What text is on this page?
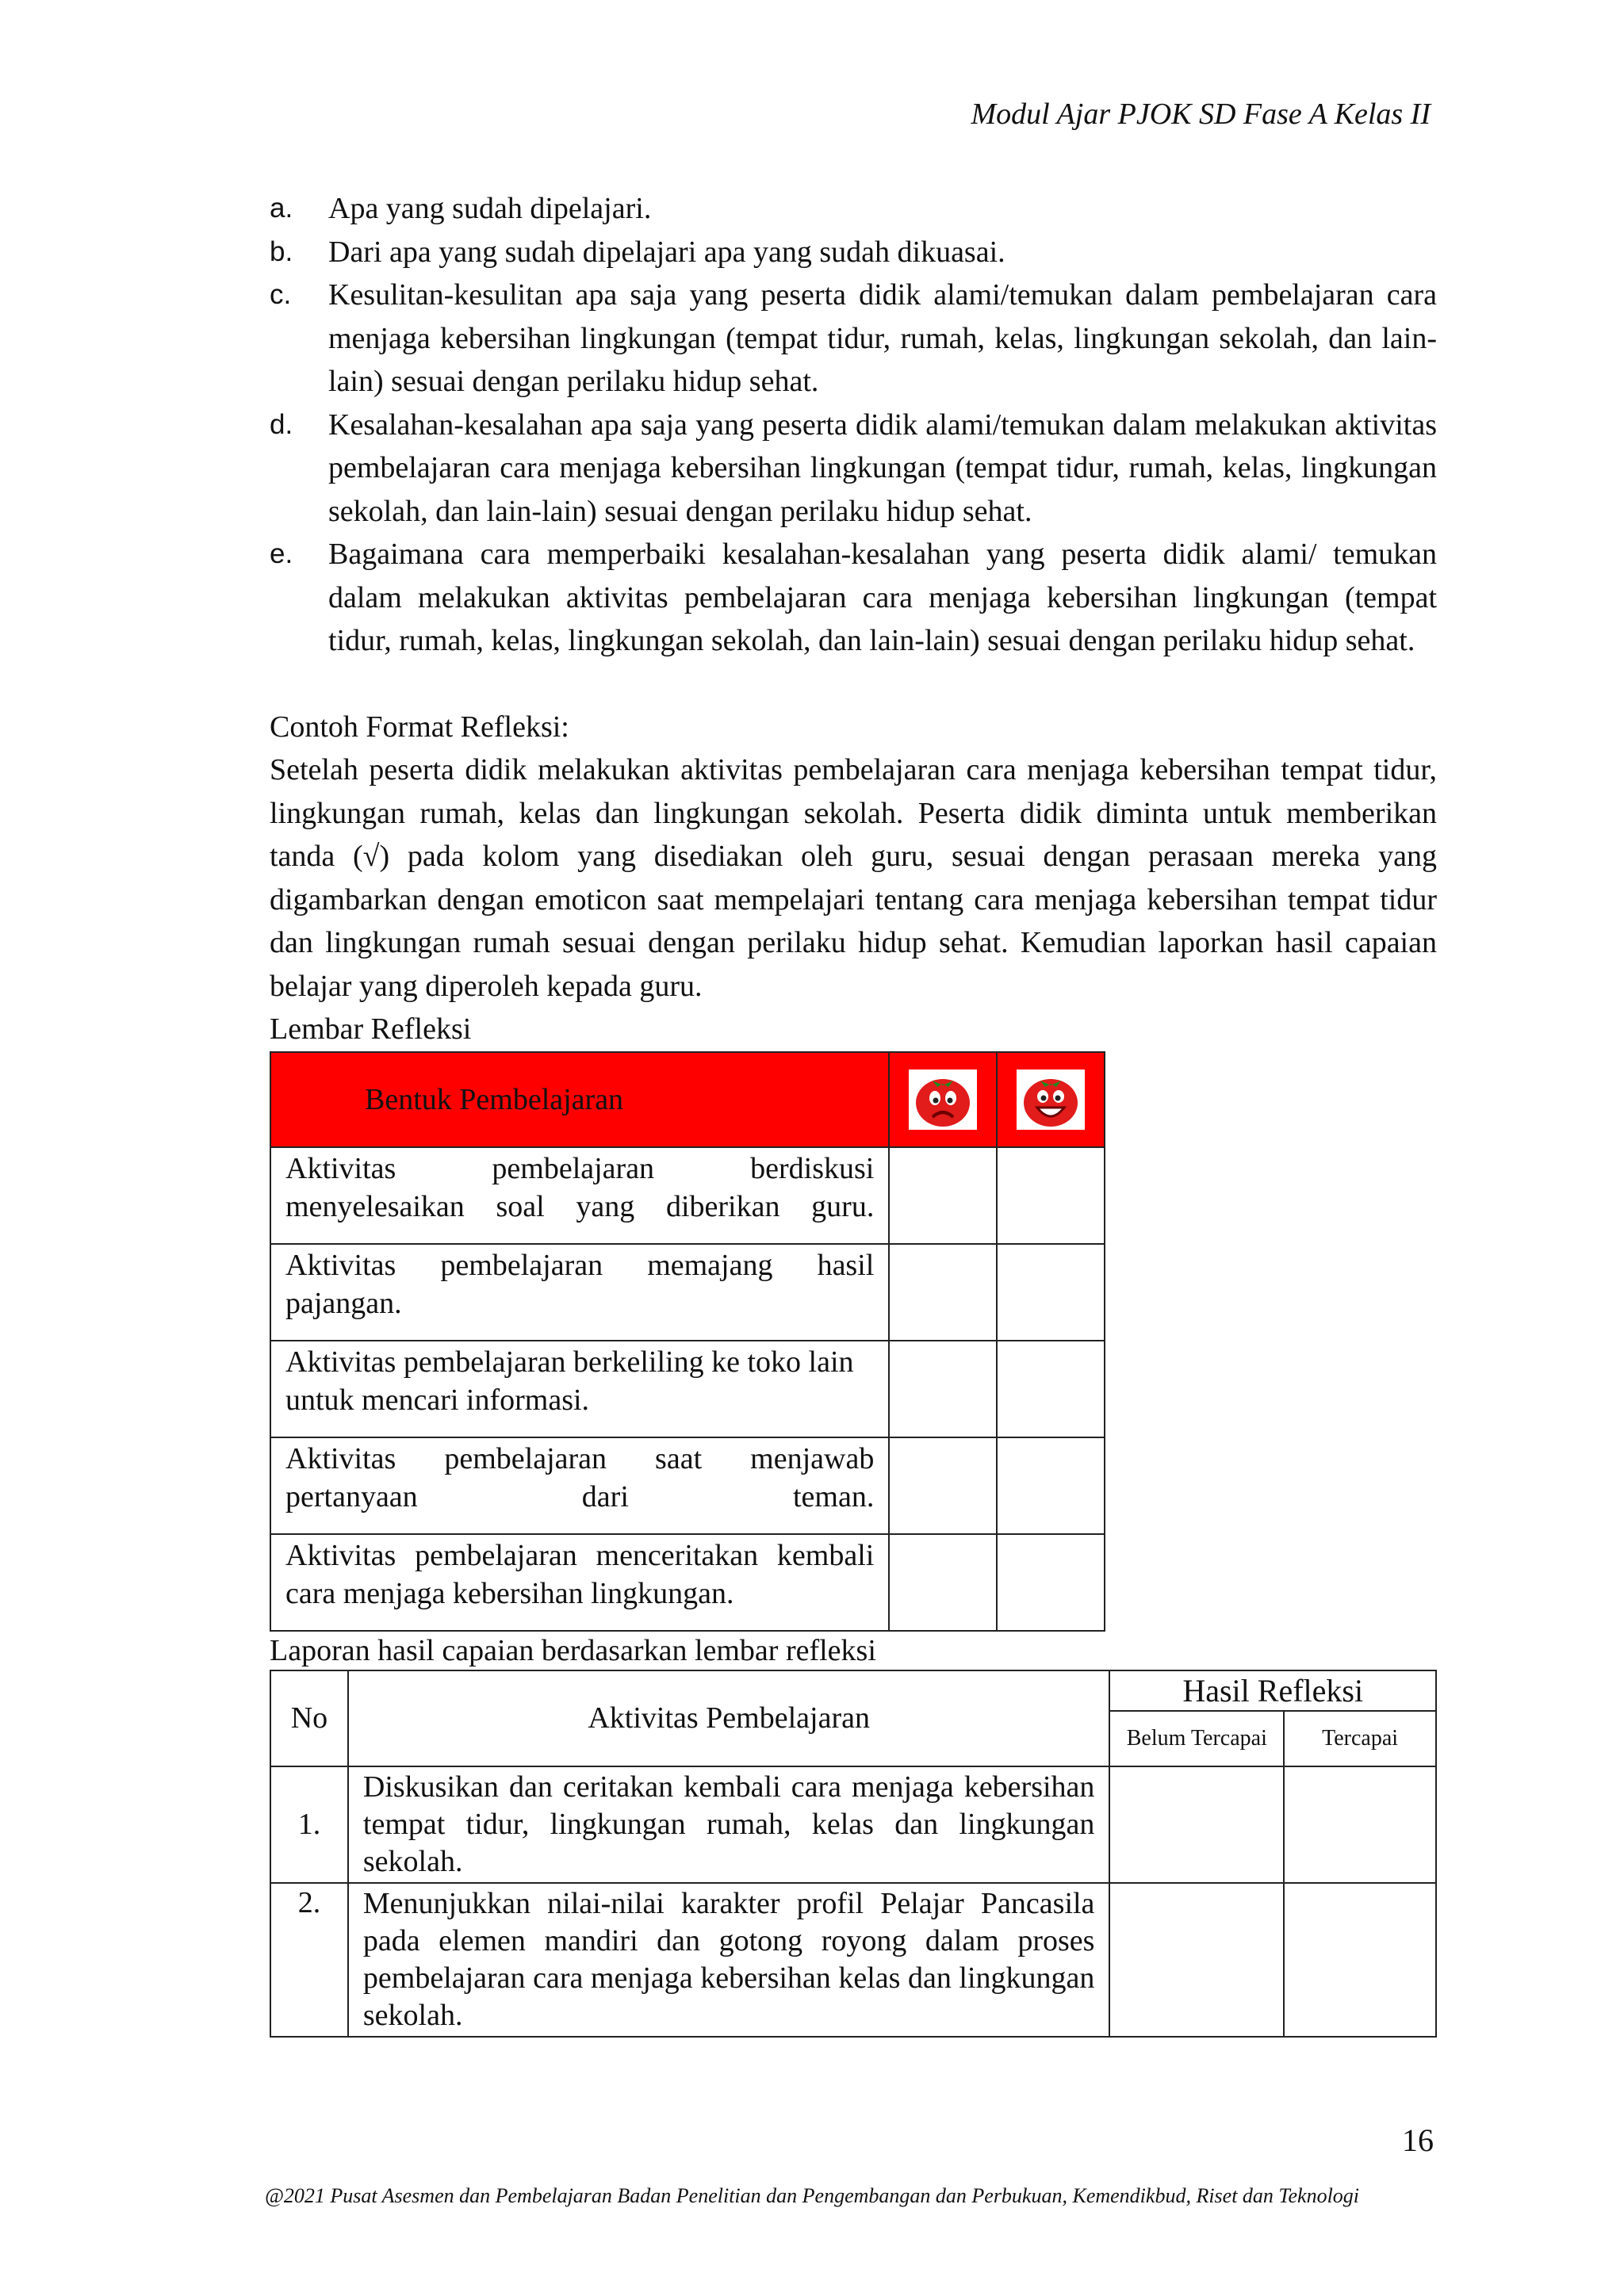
Modul Ajar PJOK SD Fase A Kelas II
a. Apa yang sudah dipelajari.
b. Dari apa yang sudah dipelajari apa yang sudah dikuasai.
c. Kesulitan-kesulitan apa saja yang peserta didik alami/temukan dalam pembelajaran cara menjaga kebersihan lingkungan (tempat tidur, rumah, kelas, lingkungan sekolah, dan lain-lain) sesuai dengan perilaku hidup sehat.
d. Kesalahan-kesalahan apa saja yang peserta didik alami/temukan dalam melakukan aktivitas pembelajaran cara menjaga kebersihan lingkungan (tempat tidur, rumah, kelas, lingkungan sekolah, dan lain-lain) sesuai dengan perilaku hidup sehat.
e. Bagaimana cara memperbaiki kesalahan-kesalahan yang peserta didik alami/ temukan dalam melakukan aktivitas pembelajaran cara menjaga kebersihan lingkungan (tempat tidur, rumah, kelas, lingkungan sekolah, dan lain-lain) sesuai dengan perilaku hidup sehat.

Contoh Format Refleksi:

Setelah peserta didik melakukan aktivitas pembelajaran cara menjaga kebersihan tempat tidur, lingkungan rumah, kelas dan lingkungan sekolah. Peserta didik diminta untuk memberikan tanda (√) pada kolom yang disediakan oleh guru, sesuai dengan perasaan mereka yang digambarkan dengan emoticon saat mempelajari tentang cara menjaga kebersihan tempat tidur dan lingkungan rumah sesuai dengan perilaku hidup sehat. Kemudian laporkan hasil capaian belajar yang diperoleh kepada guru.

Lembar Refleksi

Bentuk Pembelajaran	

Aktivitas pembelajaran berdiskusi menyelesaikan soal yang diberikan guru.		
Aktivitas pembelajaran memajang hasil pajangan.		
Aktivitas pembelajaran berkeliling ke toko lain untuk mencari informasi.		
Aktivitas pembelajaran saat menjawab pertanyaan dari teman.		
Aktivitas pembelajaran menceritakan kembali cara menjaga kebersihan lingkungan.		

Laporan hasil capaian berdasarkan lembar refleksi

No	Aktivitas Pembelajaran	Hasil Refleksi	
		Belum Tercapai	Tercapai
1.	Diskusikan dan ceritakan kembali cara menjaga kebersihan tempat tidur, lingkungan rumah, kelas dan lingkungan sekolah.		
2.	Menunjukkan nilai-nilai karakter profil Pelajar Pancasila pada elemen mandiri dan gotong royong dalam proses pembelajaran cara menjaga kebersihan kelas dan lingkungan sekolah.		
16
@2021 Pusat Asesmen dan Pembelajaran Badan Penelitian dan Pengembangan dan Perbukuan, Kemendikbud, Riset dan Teknologi
